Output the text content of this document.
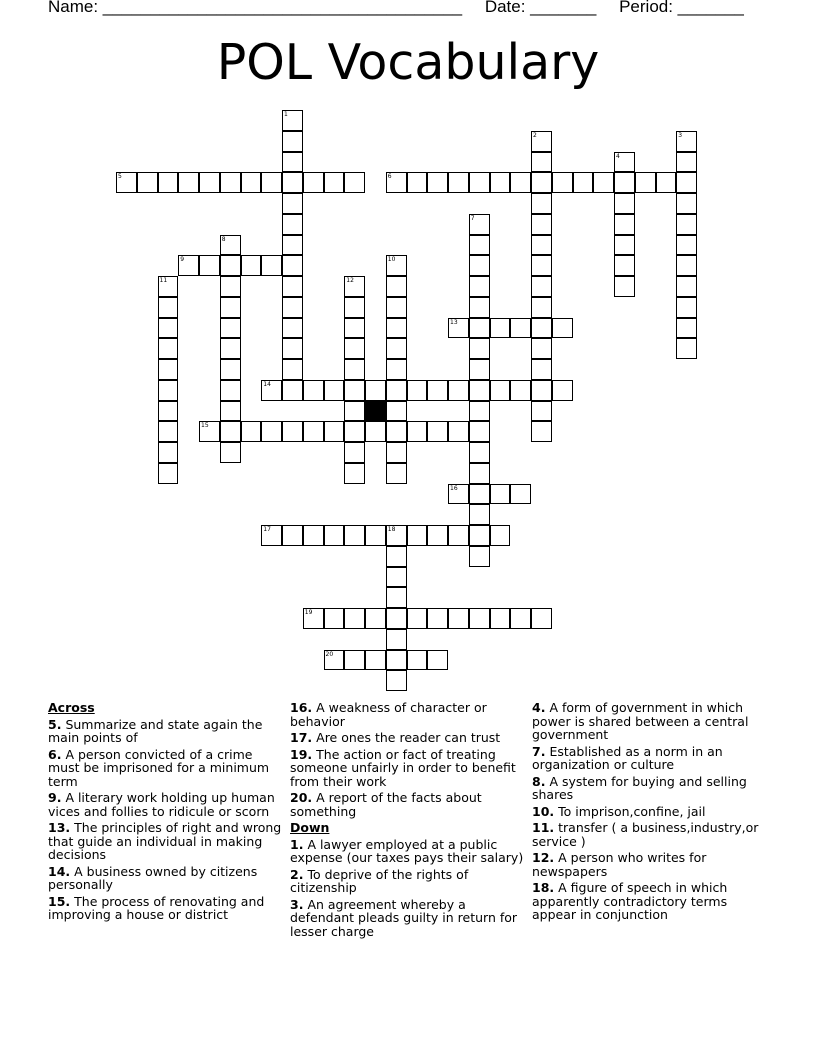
Name: ______________________________________ Date: _______ Period: _______
POL Vocabulary
1
2	3
4
5	6
7
8
9	10
11	12
13
14
15
16
17	18
19
20
Across
5. Summarize and state again the main points of
6. A person convicted of a crime must be imprisoned for a minimum term
9. A literary work holding up human vices and follies to ridicule or scorn
13. The principles of right and wrong that guide an individual in making decisions
14. A business owned by citizens personally
15. The process of renovating and improving a house or district
16. A weakness of character or behavior
17. Are ones the reader can trust
19. The action or fact of treating someone unfairly in order to benefit from their work
20. A report of the facts about something
Down
1. A lawyer employed at a public expense (our taxes pays their salary)
2. To deprive of the rights of citizenship
3. An agreement whereby a defendant pleads guilty in return for lesser charge
4. A form of government in which power is shared between a central government
7. Established as a norm in an organization or culture
8. A system for buying and selling shares
10. To imprison,confine, jail
11. transfer ( a business,industry,or service )
12. A person who writes for newspapers
18. A figure of speech in which apparently contradictory terms appear in conjunction
